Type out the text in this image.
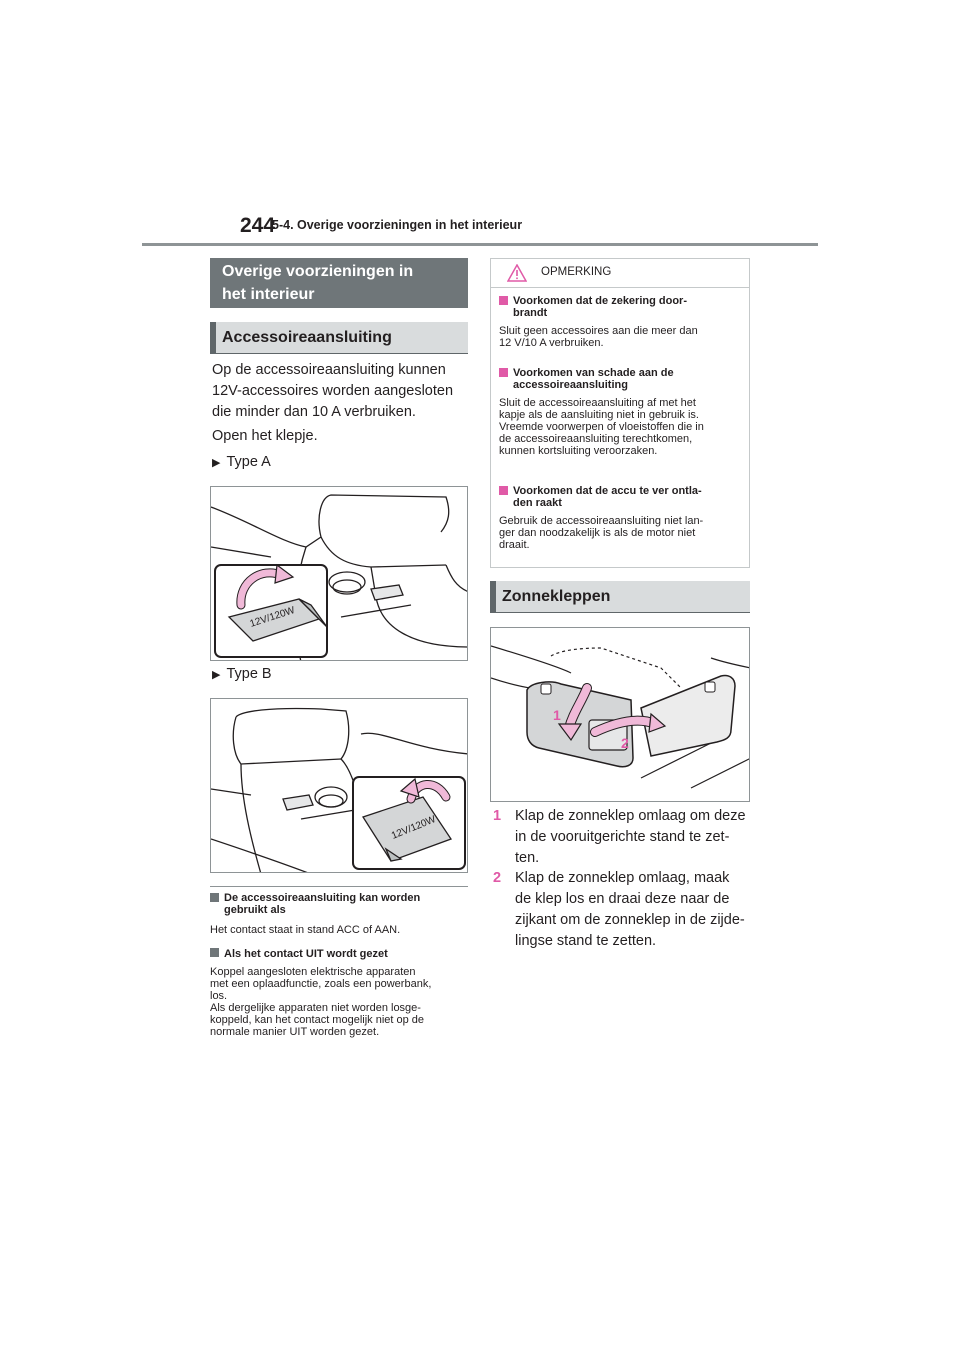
244
5-4. Overige voorzieningen in het interieur
Overige voorzieningen in
het interieur
Accessoireaansluiting
Op de accessoireaansluiting kunnen
12V-accessoires worden aangesloten
die minder dan 10 A verbruiken.
Open het klepje.
▶ Type A
12V/120W
▶ Type B
12V/120W
De accessoireaansluiting kan worden
gebruikt als
Het contact staat in stand ACC of AAN.
Als het contact UIT wordt gezet
Koppel aangesloten elektrische apparaten
met een oplaadfunctie, zoals een powerbank,
los.
Als dergelijke apparaten niet worden losge-
koppeld, kan het contact mogelijk niet op de
normale manier UIT worden gezet.
OPMERKING
Voorkomen dat de zekering door-
brandt
Sluit geen accessoires aan die meer dan
12 V/10 A verbruiken.
Voorkomen van schade aan de
accessoireaansluiting
Sluit de accessoireaansluiting af met het
kapje als de aansluiting niet in gebruik is.
Vreemde voorwerpen of vloeistoffen die in
de accessoireaansluiting terechtkomen,
kunnen kortsluiting veroorzaken.
Voorkomen dat de accu te ver ontla-
den raakt
Gebruik de accessoireaansluiting niet lan-
ger dan noodzakelijk is als de motor niet
draait.
Zonnekleppen
1
2
1 Klap de zonneklep omlaag om deze
in de vooruitgerichte stand te zet-
ten.
2 Klap de zonneklep omlaag, maak
de klep los en draai deze naar de
zijkant om de zonneklep in de zijde-
lingse stand te zetten.
